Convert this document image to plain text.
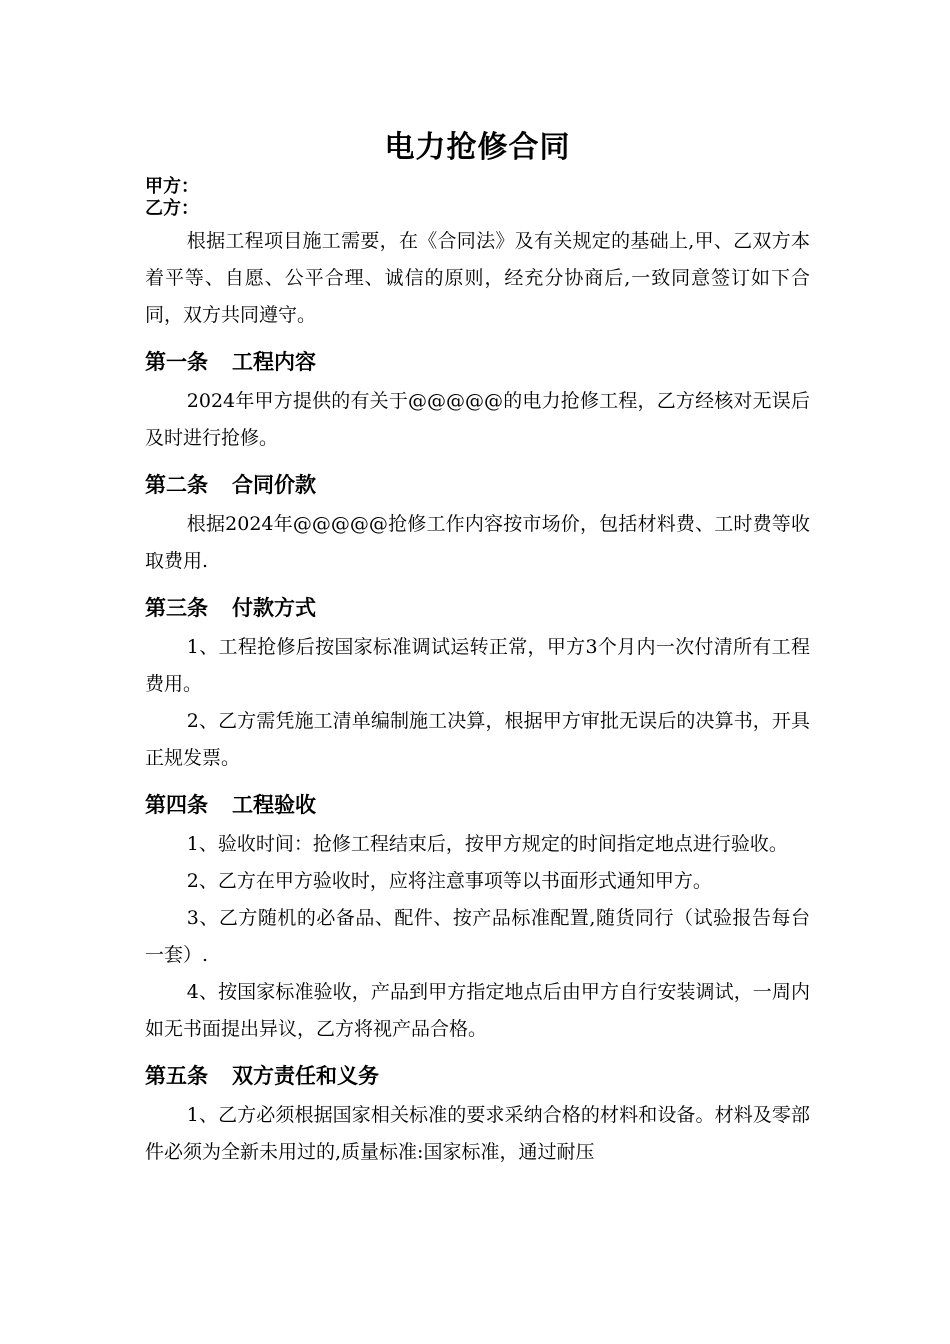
电力抢修合同

甲方：

乙方：

根据工程项目施工需要，在《合同法》及有关规定的基础上,甲、乙双方本着平等、自愿、公平合理、诚信的原则，经充分协商后,一致同意签订如下合同，双方共同遵守。

第一条 工程内容

2024年甲方提供的有关于@@@@@的电力抢修工程，乙方经核对无误后及时进行抢修。

第二条 合同价款

根据2024年@@@@@抢修工作内容按市场价，包括材料费、工时费等收取费用.

第三条 付款方式

1、工程抢修后按国家标准调试运转正常，甲方3个月内一次付清所有工程费用。

2、乙方需凭施工清单编制施工决算，根据甲方审批无误后的决算书，开具正规发票。

第四条 工程验收

1、验收时间：抢修工程结束后，按甲方规定的时间指定地点进行验收。

2、乙方在甲方验收时，应将注意事项等以书面形式通知甲方。

3、乙方随机的必备品、配件、按产品标准配置,随货同行（试验报告每台一套）.

4、按国家标准验收，产品到甲方指定地点后由甲方自行安装调试，一周内如无书面提出异议，乙方将视产品合格。

第五条 双方责任和义务

1、乙方必须根据国家相关标准的要求采纳合格的材料和设备。材料及零部件必须为全新未用过的,质量标准:国家标准，通过耐压
